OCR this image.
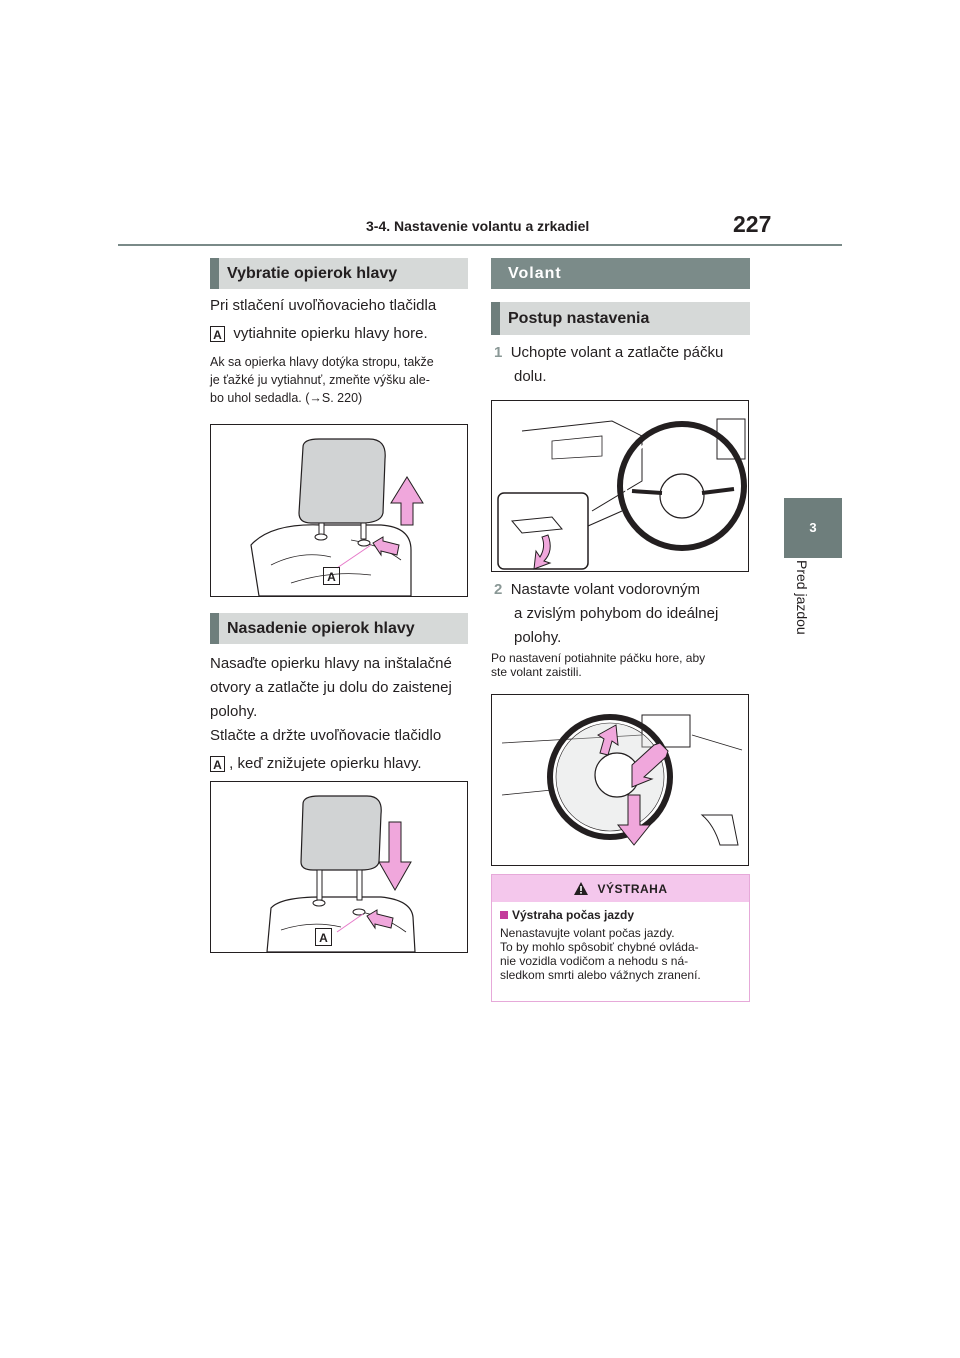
3-4. Nastavenie volantu a zrkadiel	227
3
Pred jazdou
Vybratie opierok hlavy
Pri stlačení uvoľňovacieho tlačidla
A vytiahnite opierku hlavy hore.
Ak sa opierka hlavy dotýka stropu, takže
je ťažké ju vytiahnuť, zmeňte výšku ale-
bo uhol sedadla. (→S. 220)
A
Nasadenie opierok hlavy
Nasaďte opierku hlavy na inštalačné
otvory a zatlačte ju dolu do zaistenej
polohy.
Stlačte a držte uvoľňovacie tlačidlo
A , keď znižujete opierku hlavy.
A
Volant
Postup nastavenia
1 Uchopte volant a zatlačte páčku
dolu.
2 Nastavte volant vodorovným
a zvislým pohybom do ideálnej
polohy.
Po nastavení potiahnite páčku hore, aby
ste volant zaistili.
VÝSTRAHA
Výstraha počas jazdy
Nenastavujte volant počas jazdy.
To by mohlo spôsobiť chybné ovláda-
nie vozidla vodičom a nehodu s ná-
sledkom smrti alebo vážnych zranení.
